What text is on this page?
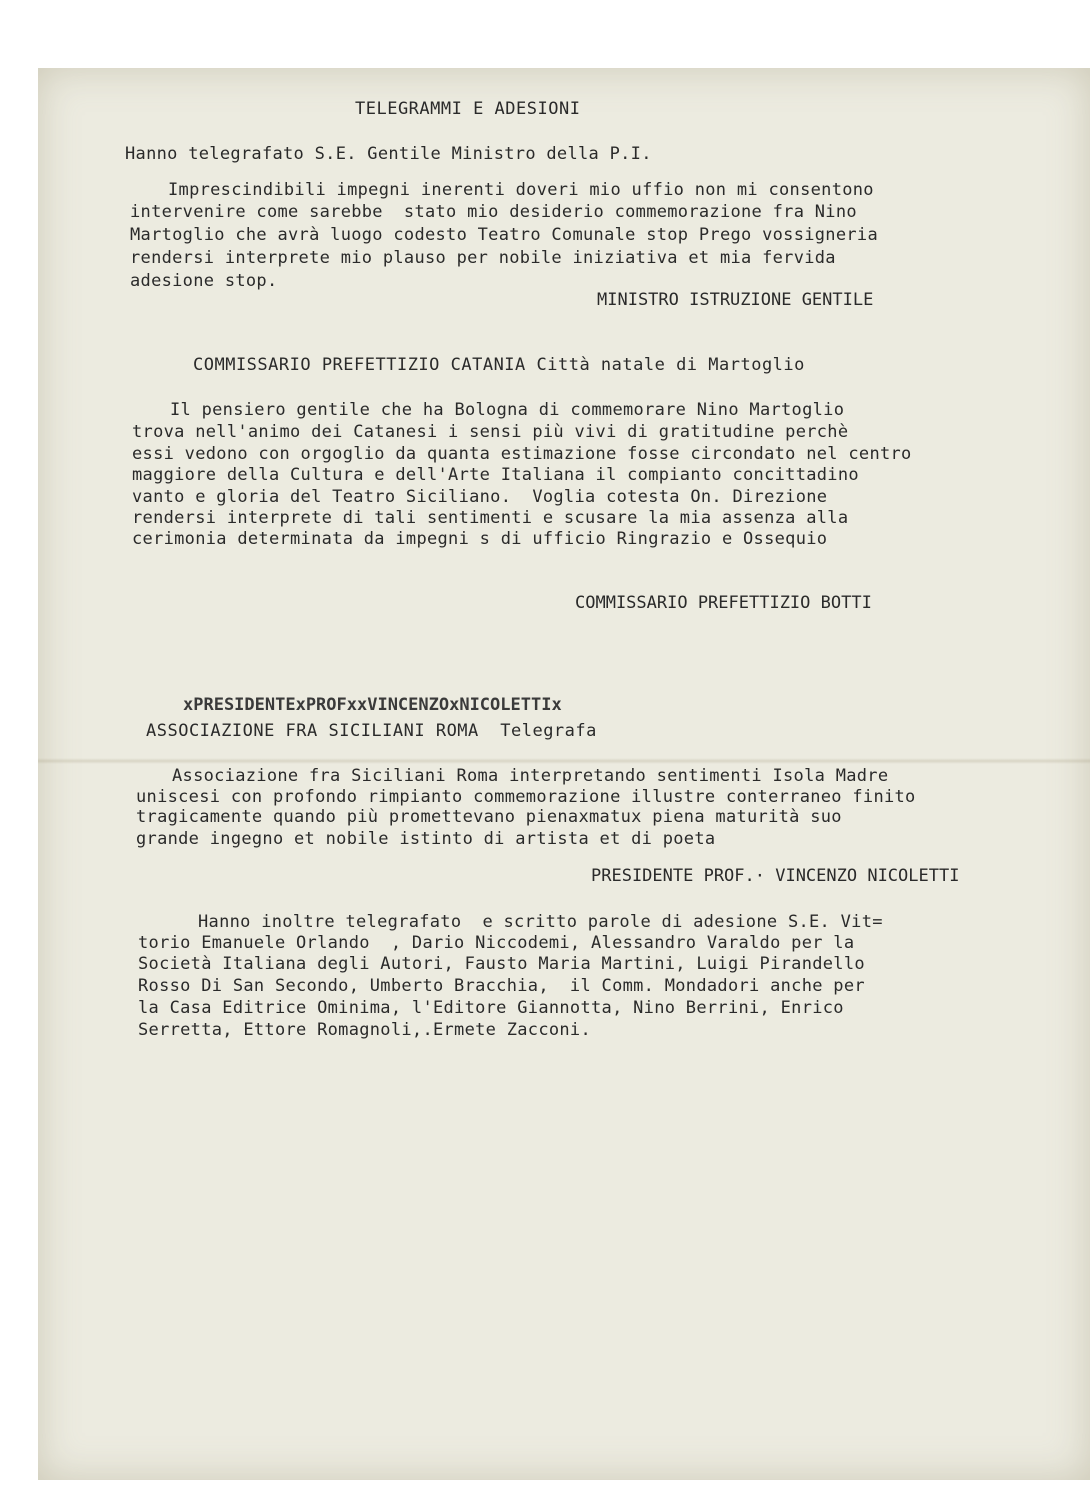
TELEGRAMMI E ADESIONI
Hanno telegrafato S.E. Gentile Ministro della P.I.
Imprescindibili impegni inerenti doveri mio uffio non mi consentono
intervenire come sarebbe  stato mio desiderio commemorazione fra Nino
Martoglio che avrà luogo codesto Teatro Comunale stop Prego vossigneria
rendersi interprete mio plauso per nobile iniziativa et mia fervida
adesione stop.
MINISTRO ISTRUZIONE GENTILE
COMMISSARIO PREFETTIZIO CATANIA Città natale di Martoglio
Il pensiero gentile che ha Bologna di commemorare Nino Martoglio
trova nell'animo dei Catanesi i sensi più vivi di gratitudine perchè
essi vedono con orgoglio da quanta estimazione fosse circondato nel centro
maggiore della Cultura e dell'Arte Italiana il compianto concittadino
vanto e gloria del Teatro Siciliano.  Voglia cotesta On. Direzione
rendersi interprete di tali sentimenti e scusare la mia assenza alla
cerimonia determinata da impegni s di ufficio Ringrazio e Ossequio
COMMISSARIO PREFETTIZIO BOTTI
xPRESIDENTExPROFxxVINCENZOxNICOLETTIx
ASSOCIAZIONE FRA SICILIANI ROMA  Telegrafa
Associazione fra Siciliani Roma interpretando sentimenti Isola Madre
uniscesi con profondo rimpianto commemorazione illustre conterraneo finito
tragicamente quando più promettevano pienaxmatux piena maturità suo
grande ingegno et nobile istinto di artista et di poeta
PRESIDENTE PROF.· VINCENZO NICOLETTI
Hanno inoltre telegrafato  e scritto parole di adesione S.E. Vit=
torio Emanuele Orlando  , Dario Niccodemi, Alessandro Varaldo per la
Società Italiana degli Autori, Fausto Maria Martini, Luigi Pirandello
Rosso Di San Secondo, Umberto Bracchia,  il Comm. Mondadori anche per
la Casa Editrice Ominima, l'Editore Giannotta, Nino Berrini, Enrico
Serretta, Ettore Romagnoli,.Ermete Zacconi.
